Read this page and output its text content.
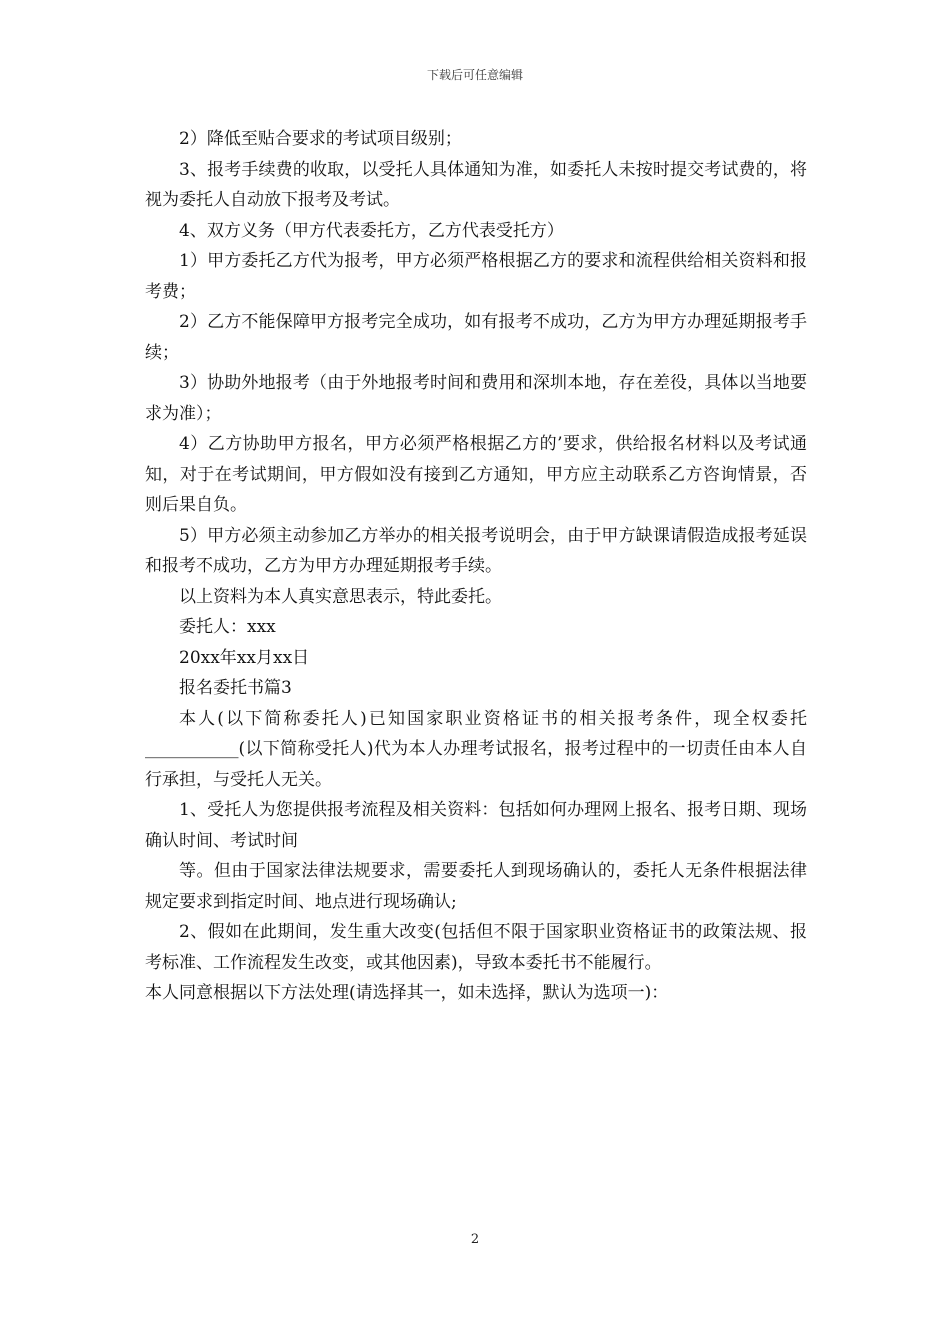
下载后可任意编辑

2）降低至贴合要求的考试项目级别；

3、报考手续费的收取，以受托人具体通知为准，如委托人未按时提交考试费的，将视为委托人自动放下报考及考试。

4、双方义务（甲方代表委托方，乙方代表受托方）

1）甲方委托乙方代为报考，甲方必须严格根据乙方的要求和流程供给相关资料和报考费；

2）乙方不能保障甲方报考完全成功，如有报考不成功，乙方为甲方办理延期报考手续；

3）协助外地报考（由于外地报考时间和费用和深圳本地，存在差役，具体以当地要求为准）；

4）乙方协助甲方报名，甲方必须严格根据乙方的’要求，供给报名材料以及考试通知，对于在考试期间，甲方假如没有接到乙方通知，甲方应主动联系乙方咨询情景，否则后果自负。

5）甲方必须主动参加乙方举办的相关报考说明会，由于甲方缺课请假造成报考延误和报考不成功，乙方为甲方办理延期报考手续。

以上资料为本人真实意思表示，特此委托。

委托人：xxx

20xx年xx月xx日

报名委托书篇3

本人(以下简称委托人)已知国家职业资格证书的相关报考条件，现全权委托___________(以下简称受托人)代为本人办理考试报名，报考过程中的一切责任由本人自行承担，与受托人无关。

1、受托人为您提供报考流程及相关资料：包括如何办理网上报名、报考日期、现场确认时间、考试时间

等。但由于国家法律法规要求，需要委托人到现场确认的，委托人无条件根据法律规定要求到指定时间、地点进行现场确认;

2、假如在此期间，发生重大改变(包括但不限于国家职业资格证书的政策法规、报考标准、工作流程发生改变，或其他因素)，导致本委托书不能履行。

本人同意根据以下方法处理(请选择其一，如未选择，默认为选项一)：

2
